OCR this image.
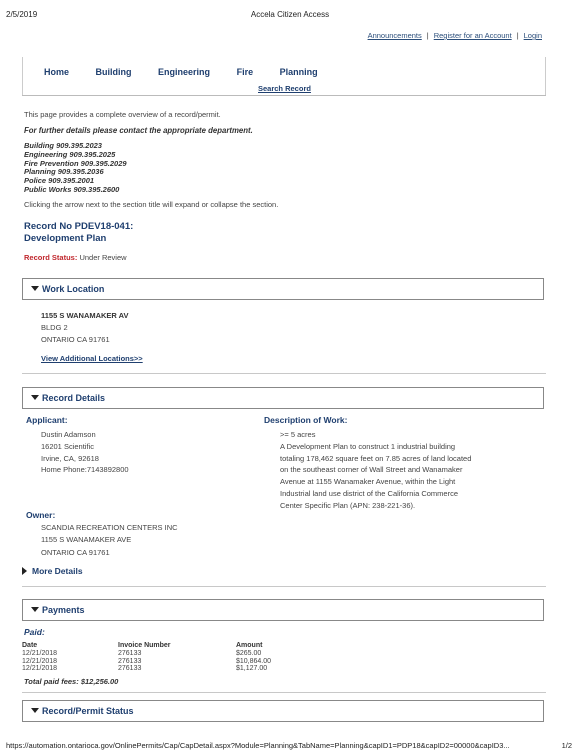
2/5/2019	Accela Citizen Access
Announcements | Register for an Account | Login
Home	Building	Engineering	Fire	Planning
Search Record
This page provides a complete overview of a record/permit.
For further details please contact the appropriate department.
Building 909.395.2023
Engineering 909.395.2025
Fire Prevention 909.395.2029
Planning 909.395.2036
Police 909.395.2001
Public Works 909.395.2600
Clicking the arrow next to the section title will expand or collapse the section.
Record No PDEV18-041:
Development Plan
Record Status: Under Review
Work Location
1155 S WANAMAKER AV
BLDG 2
ONTARIO CA 91761
View Additional Locations>>
Record Details
Applicant:
Dustin Adamson
16201 Scientific
Irvine, CA, 92618
Home Phone:7143892800
Description of Work:
>= 5 acres
A Development Plan to construct 1 industrial building
totaling 178,462 square feet on 7.85 acres of land located
on the southeast corner of Wall Street and Wanamaker
Avenue at 1155 Wanamaker Avenue, within the Light
Industrial land use district of the California Commerce
Center Specific Plan (APN: 238-221-36).
Owner:
SCANDIA RECREATION CENTERS INC
1155 S WANAMAKER AVE
ONTARIO CA 91761
More Details
Payments
Paid:
Date	Invoice Number	Amount
12/21/2018	276133	$265.00
12/21/2018	276133	$10,864.00
12/21/2018	276133	$1,127.00
Total paid fees: $12,256.00
Record/Permit Status
https://automation.ontarioca.gov/OnlinePermits/Cap/CapDetail.aspx?Module=Planning&TabName=Planning&capID1=PDP18&capID2=00000&capID3...	1/2
